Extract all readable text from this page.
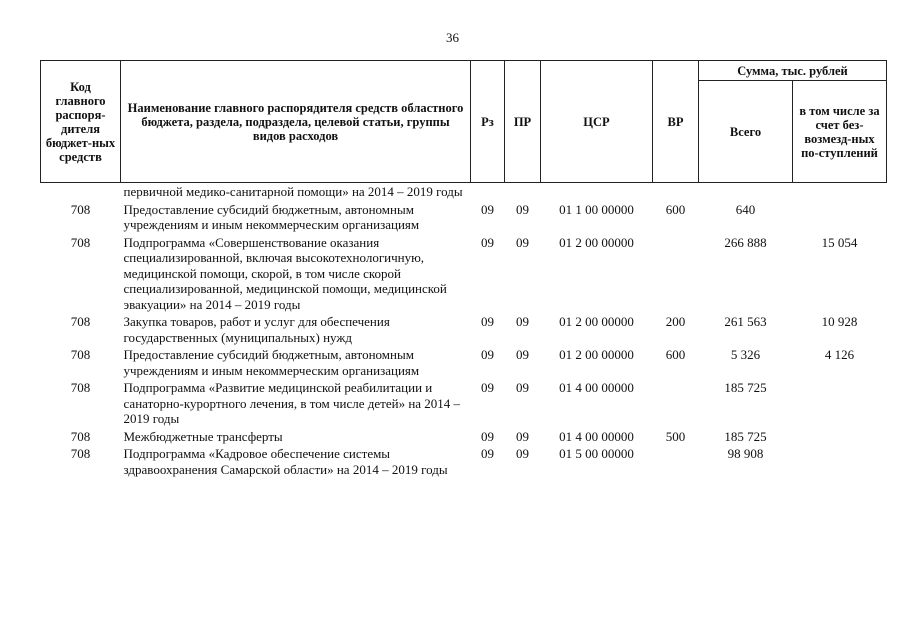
36
Код главного распоря-дителя бюджет-ных средств	Наименование главного распорядителя средств областного бюджета, раздела, подраздела, целевой статьи, группы видов расходов	Рз	ПР	ЦСР	ВР	Сумма, тыс. рублей	
						Всего	в том числе за счет без-возмезд-ных по-ступлений
	первичной медико-санитарной помощи» на 2014 – 2019 годы						
708	Предоставление субсидий бюджетным, автономным учреждениям и иным некоммерческим организациям	09	09	01 1 00 00000	600	640	
708	Подпрограмма «Совершенствование оказания специализированной, включая высокотехнологичную, медицинской помощи, скорой, в том числе скорой специализированной, медицинской помощи, медицинской эвакуации» на 2014 – 2019 годы	09	09	01 2 00 00000		266 888	15 054
708	Закупка товаров, работ и услуг для обеспечения государственных (муниципальных) нужд	09	09	01 2 00 00000	200	261 563	10 928
708	Предоставление субсидий бюджетным, автономным учреждениям и иным некоммерческим организациям	09	09	01 2 00 00000	600	5 326	4 126
708	Подпрограмма «Развитие медицинской реабилитации и санаторно-курортного лечения, в том числе детей» на 2014 – 2019 годы	09	09	01 4 00 00000		185 725	
708	Межбюджетные трансферты	09	09	01 4 00 00000	500	185 725	
708	Подпрограмма «Кадровое обеспечение системы здравоохранения Самарской области» на 2014 – 2019 годы	09	09	01 5 00 00000		98 908	
